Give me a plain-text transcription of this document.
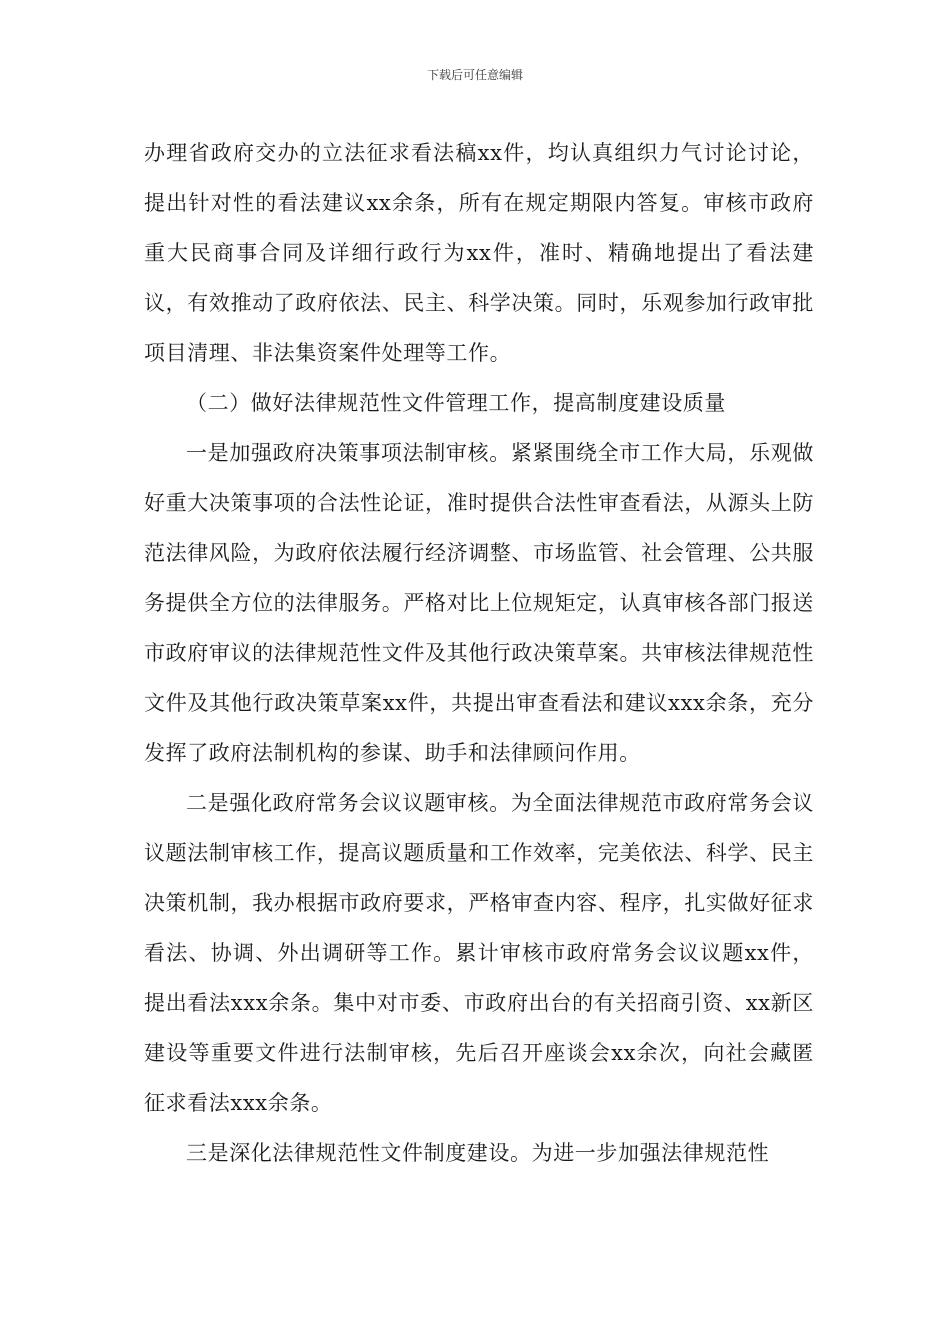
下载后可任意编辑

办理省政府交办的立法征求看法稿xx件，均认真组织力气讨论讨论，提出针对性的看法建议xx余条，所有在规定期限内答复。审核市政府重大民商事合同及详细行政行为xx件，准时、精确地提出了看法建议，有效推动了政府依法、民主、科学决策。同时，乐观参加行政审批项目清理、非法集资案件处理等工作。

（二）做好法律规范性文件管理工作，提高制度建设质量

一是加强政府决策事项法制审核。紧紧围绕全市工作大局，乐观做好重大决策事项的合法性论证，准时提供合法性审查看法，从源头上防范法律风险，为政府依法履行经济调整、市场监管、社会管理、公共服务提供全方位的法律服务。严格对比上位规矩定，认真审核各部门报送市政府审议的法律规范性文件及其他行政决策草案。共审核法律规范性文件及其他行政决策草案xx件，共提出审查看法和建议xxx余条，充分发挥了政府法制机构的参谋、助手和法律顾问作用。

二是强化政府常务会议议题审核。为全面法律规范市政府常务会议议题法制审核工作，提高议题质量和工作效率，完美依法、科学、民主决策机制，我办根据市政府要求，严格审查内容、程序，扎实做好征求看法、协调、外出调研等工作。累计审核市政府常务会议议题xx件，提出看法xxx余条。集中对市委、市政府出台的有关招商引资、xx新区建设等重要文件进行法制审核，先后召开座谈会xx余次，向社会藏匿征求看法xxx余条。

三是深化法律规范性文件制度建设。为进一步加强法律规范性
